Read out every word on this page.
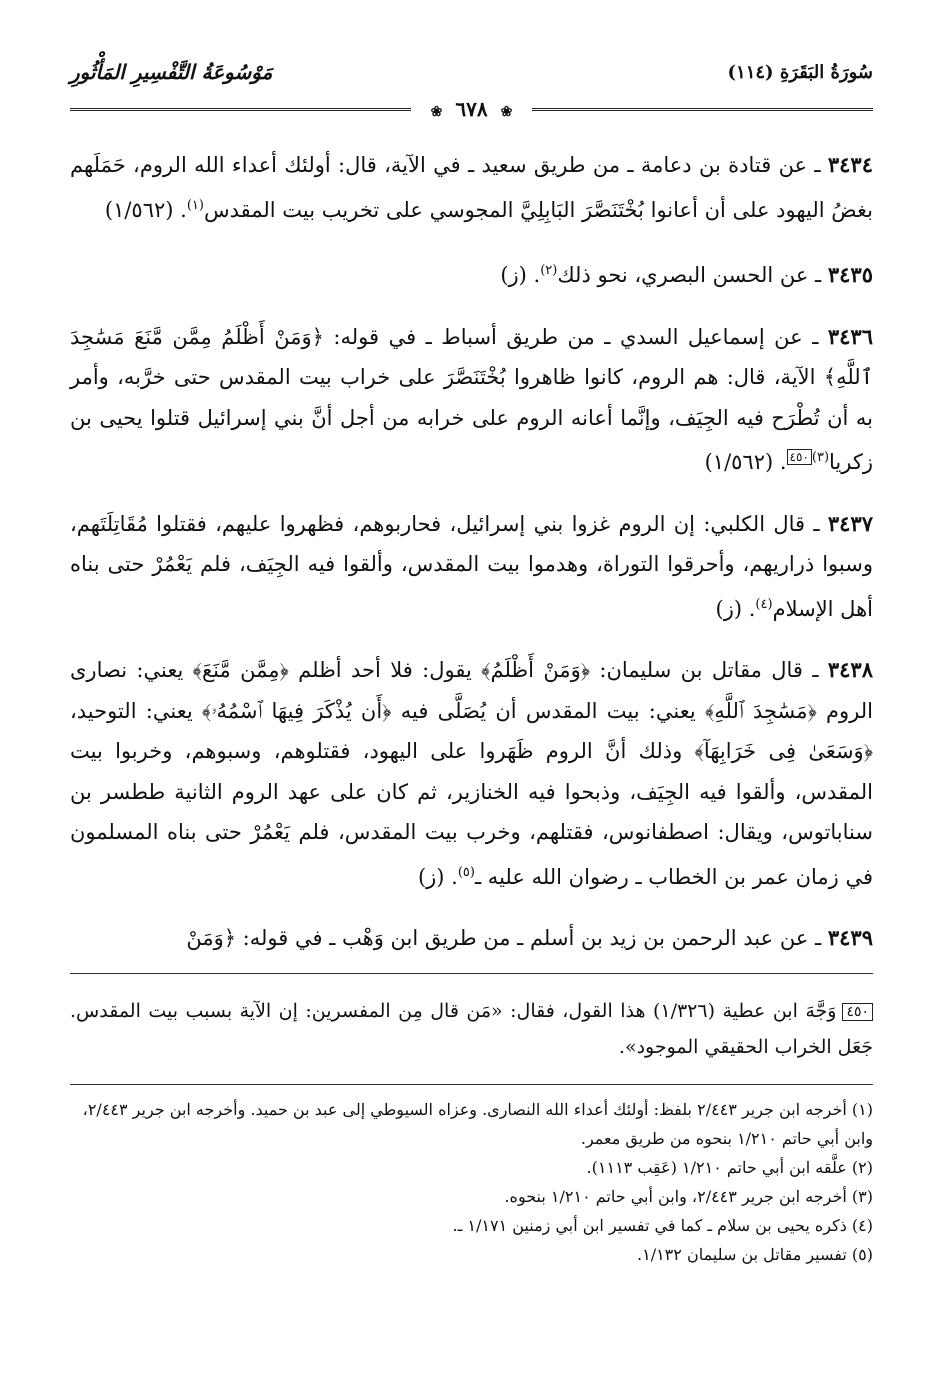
سُورَةُ البَقَرَةِ (١١٤)
مَوْسُوعَةُ التَّفْسِيرِ المَأْثُورِ
❀ ٦٧٨ ❀

٣٤٣٤ ـ عن قتادة بن دعامة ـ من طريق سعيد ـ في الآية، قال: أولئك أعداء الله الروم، حَمَلَهم بغضُ اليهود على أن أعانوا بُخْتَنَصَّرَ البَابِلِيَّ المجوسي على تخريب بيت المقدس$^{(١)}$. (١/٥٦٢)

٣٤٣٥ ـ عن الحسن البصري، نحو ذلك$^{(٢)}$. (ز)

٣٤٣٦ ـ عن إسماعيل السدي ـ من طريق أسباط ـ في قوله: ﴿وَمَنْ أَظْلَمُ مِمَّن مَّنَعَ مَسَٰجِدَ ٱللَّهِ﴾ الآية، قال: هم الروم، كانوا ظاهروا بُخْتَنَصَّرَ على خراب بيت المقدس حتى خرَّبه، وأمر به أن تُطْرَح فيه الجِيَف، وإنَّما أعانه الروم على خرابه من أجل أنَّ بني إسرائيل قتلوا يحيى بن زكريا$^{(٣)}$٤٥٠. (١/٥٦٢)

٣٤٣٧ ـ قال الكلبي: إن الروم غزوا بني إسرائيل، فحاربوهم، فظهروا عليهم، فقتلوا مُقَاتِلَتَهم، وسبوا ذراريهم، وأحرقوا التوراة، وهدموا بيت المقدس، وألقوا فيه الجِيَف، فلم يَعْمُرْ حتى بناه أهل الإسلام$^{(٤)}$. (ز)

٣٤٣٨ ـ قال مقاتل بن سليمان: ﴿وَمَنْ أَظْلَمُ﴾ يقول: فلا أحد أظلم ﴿مِمَّن مَّنَعَ﴾ يعني: نصارى الروم ﴿مَسَٰجِدَ ٱللَّهِ﴾ يعني: بيت المقدس أن يُصَلَّى فيه ﴿أَن يُذْكَرَ فِيهَا ٱسْمُهُۥ﴾ يعني: التوحيد، ﴿وَسَعَىٰ فِى خَرَابِهَآ﴾ وذلك أنَّ الروم ظَهَروا على اليهود، فقتلوهم، وسبوهم، وخربوا بيت المقدس، وألقوا فيه الجِيَف، وذبحوا فيه الخنازير، ثم كان على عهد الروم الثانية ططسر بن سناباتوس، ويقال: اصطفانوس، فقتلهم، وخرب بيت المقدس، فلم يَعْمُرْ حتى بناه المسلمون في زمان عمر بن الخطاب ـ رضوان الله عليه ـ$^{(٥)}$. (ز)

٣٤٣٩ ـ عن عبد الرحمن بن زيد بن أسلم ـ من طريق ابن وَهْب ـ في قوله: ﴿وَمَنْ

٤٥٠وَجَّهَ ابن عطية (١/٣٢٦) هذا القول، فقال: «مَن قال مِن المفسرين: إن الآية بسبب بيت المقدس. جَعَل الخراب الحقيقي الموجود».

(١) أخرجه ابن جرير ٢/٤٤٣ بلفظ: أولئك أعداء الله النصارى. وعزاه السيوطي إلى عبد بن حميد. وأخرجه ابن جرير ٢/٤٤٣، وابن أبي حاتم ١/٢١٠ بنحوه من طريق معمر.
(٢) علَّقه ابن أبي حاتم ١/٢١٠ (عَقِب ١١١٣).
(٣) أخرجه ابن جرير ٢/٤٤٣، وابن أبي حاتم ١/٢١٠ بنحوه.
(٤) ذكره يحيى بن سلام ـ كما في تفسير ابن أبي زمنين ١/١٧١ ـ.
(٥) تفسير مقاتل بن سليمان ١/١٣٢.
